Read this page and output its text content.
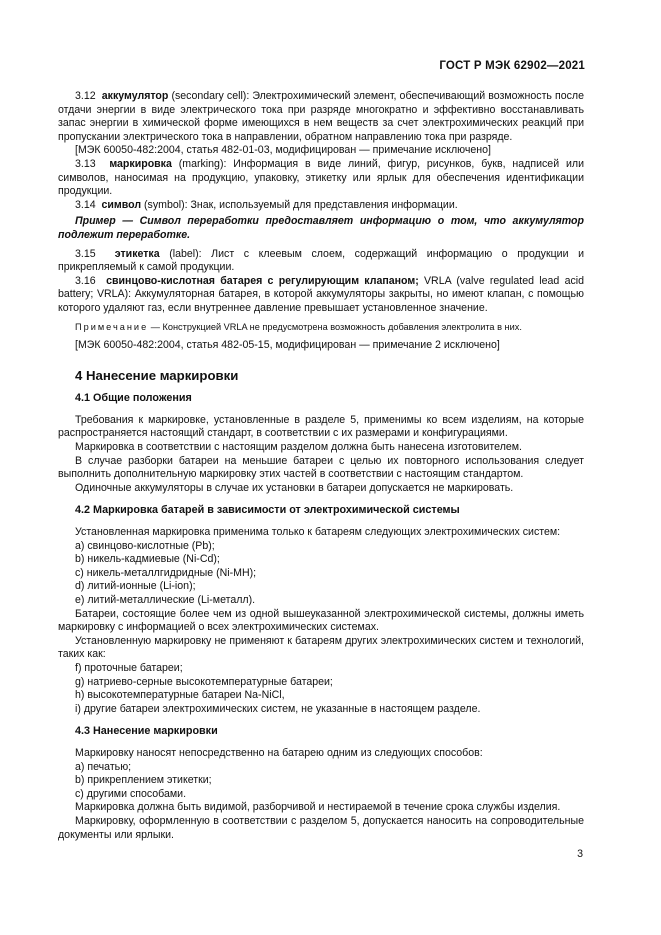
ГОСТ Р МЭК 62902—2021

3.12 аккумулятор (secondary cell): Электрохимический элемент, обеспечивающий возможность после отдачи энергии в виде электрического тока при разряде многократно и эффективно восстанавливать запас энергии в химической форме имеющихся в нем веществ за счет электрохимических реакций при пропускании электрического тока в направлении, обратном направлению тока при разряде.

[МЭК 60050-482:2004, статья 482-01-03, модифицирован — примечание исключено]

3.13 маркировка (marking): Информация в виде линий, фигур, рисунков, букв, надписей или символов, наносимая на продукцию, упаковку, этикетку или ярлык для обеспечения идентификации продукции.

3.14 символ (symbol): Знак, используемый для представления информации.

Пример — Символ переработки предоставляет информацию о том, что аккумулятор подлежит переработке.

3.15 этикетка (label): Лист с клеевым слоем, содержащий информацию о продукции и прикрепляемый к самой продукции.

3.16 свинцово-кислотная батарея с регулирующим клапаном; VRLA (valve regulated lead acid battery; VRLA): Аккумуляторная батарея, в которой аккумуляторы закрыты, но имеют клапан, с помощью которого удаляют газ, если внутреннее давление превышает установленное значение.

Примечание — Конструкцией VRLA не предусмотрена возможность добавления электролита в них.

[МЭК 60050-482:2004, статья 482-05-15, модифицирован — примечание 2 исключено]

4 Нанесение маркировки
4.1 Общие положения

Требования к маркировке, установленные в разделе 5, применимы ко всем изделиям, на которые распространяется настоящий стандарт, в соответствии с их размерами и конфигурациями.

Маркировка в соответствии с настоящим разделом должна быть нанесена изготовителем.

В случае разборки батареи на меньшие батареи с целью их повторного использования следует выполнить дополнительную маркировку этих частей в соответствии с настоящим стандартом.

Одиночные аккумуляторы в случае их установки в батареи допускается не маркировать.

4.2 Маркировка батарей в зависимости от электрохимической системы

Установленная маркировка применима только к батареям следующих электрохимических систем:

a) свинцово-кислотные (Pb);

b) никель-кадмиевые (Ni-Cd);

c) никель-металлгидридные (Ni-MH);

d) литий-ионные (Li-ion);

e) литий-металлические (Li-металл).

Батареи, состоящие более чем из одной вышеуказанной электрохимической системы, должны иметь маркировку с информацией о всех электрохимических системах.

Установленную маркировку не применяют к батареям других электрохимических систем и технологий, таких как:

f) проточные батареи;

g) натриево-серные высокотемпературные батареи;

h) высокотемпературные батареи Na-NiCl,

i) другие батареи электрохимических систем, не указанные в настоящем разделе.

4.3 Нанесение маркировки

Маркировку наносят непосредственно на батарею одним из следующих способов:

a) печатью;

b) прикреплением этикетки;

c) другими способами.

Маркировка должна быть видимой, разборчивой и нестираемой в течение срока службы изделия.

Маркировку, оформленную в соответствии с разделом 5, допускается наносить на сопроводительные документы или ярлыки.

3
